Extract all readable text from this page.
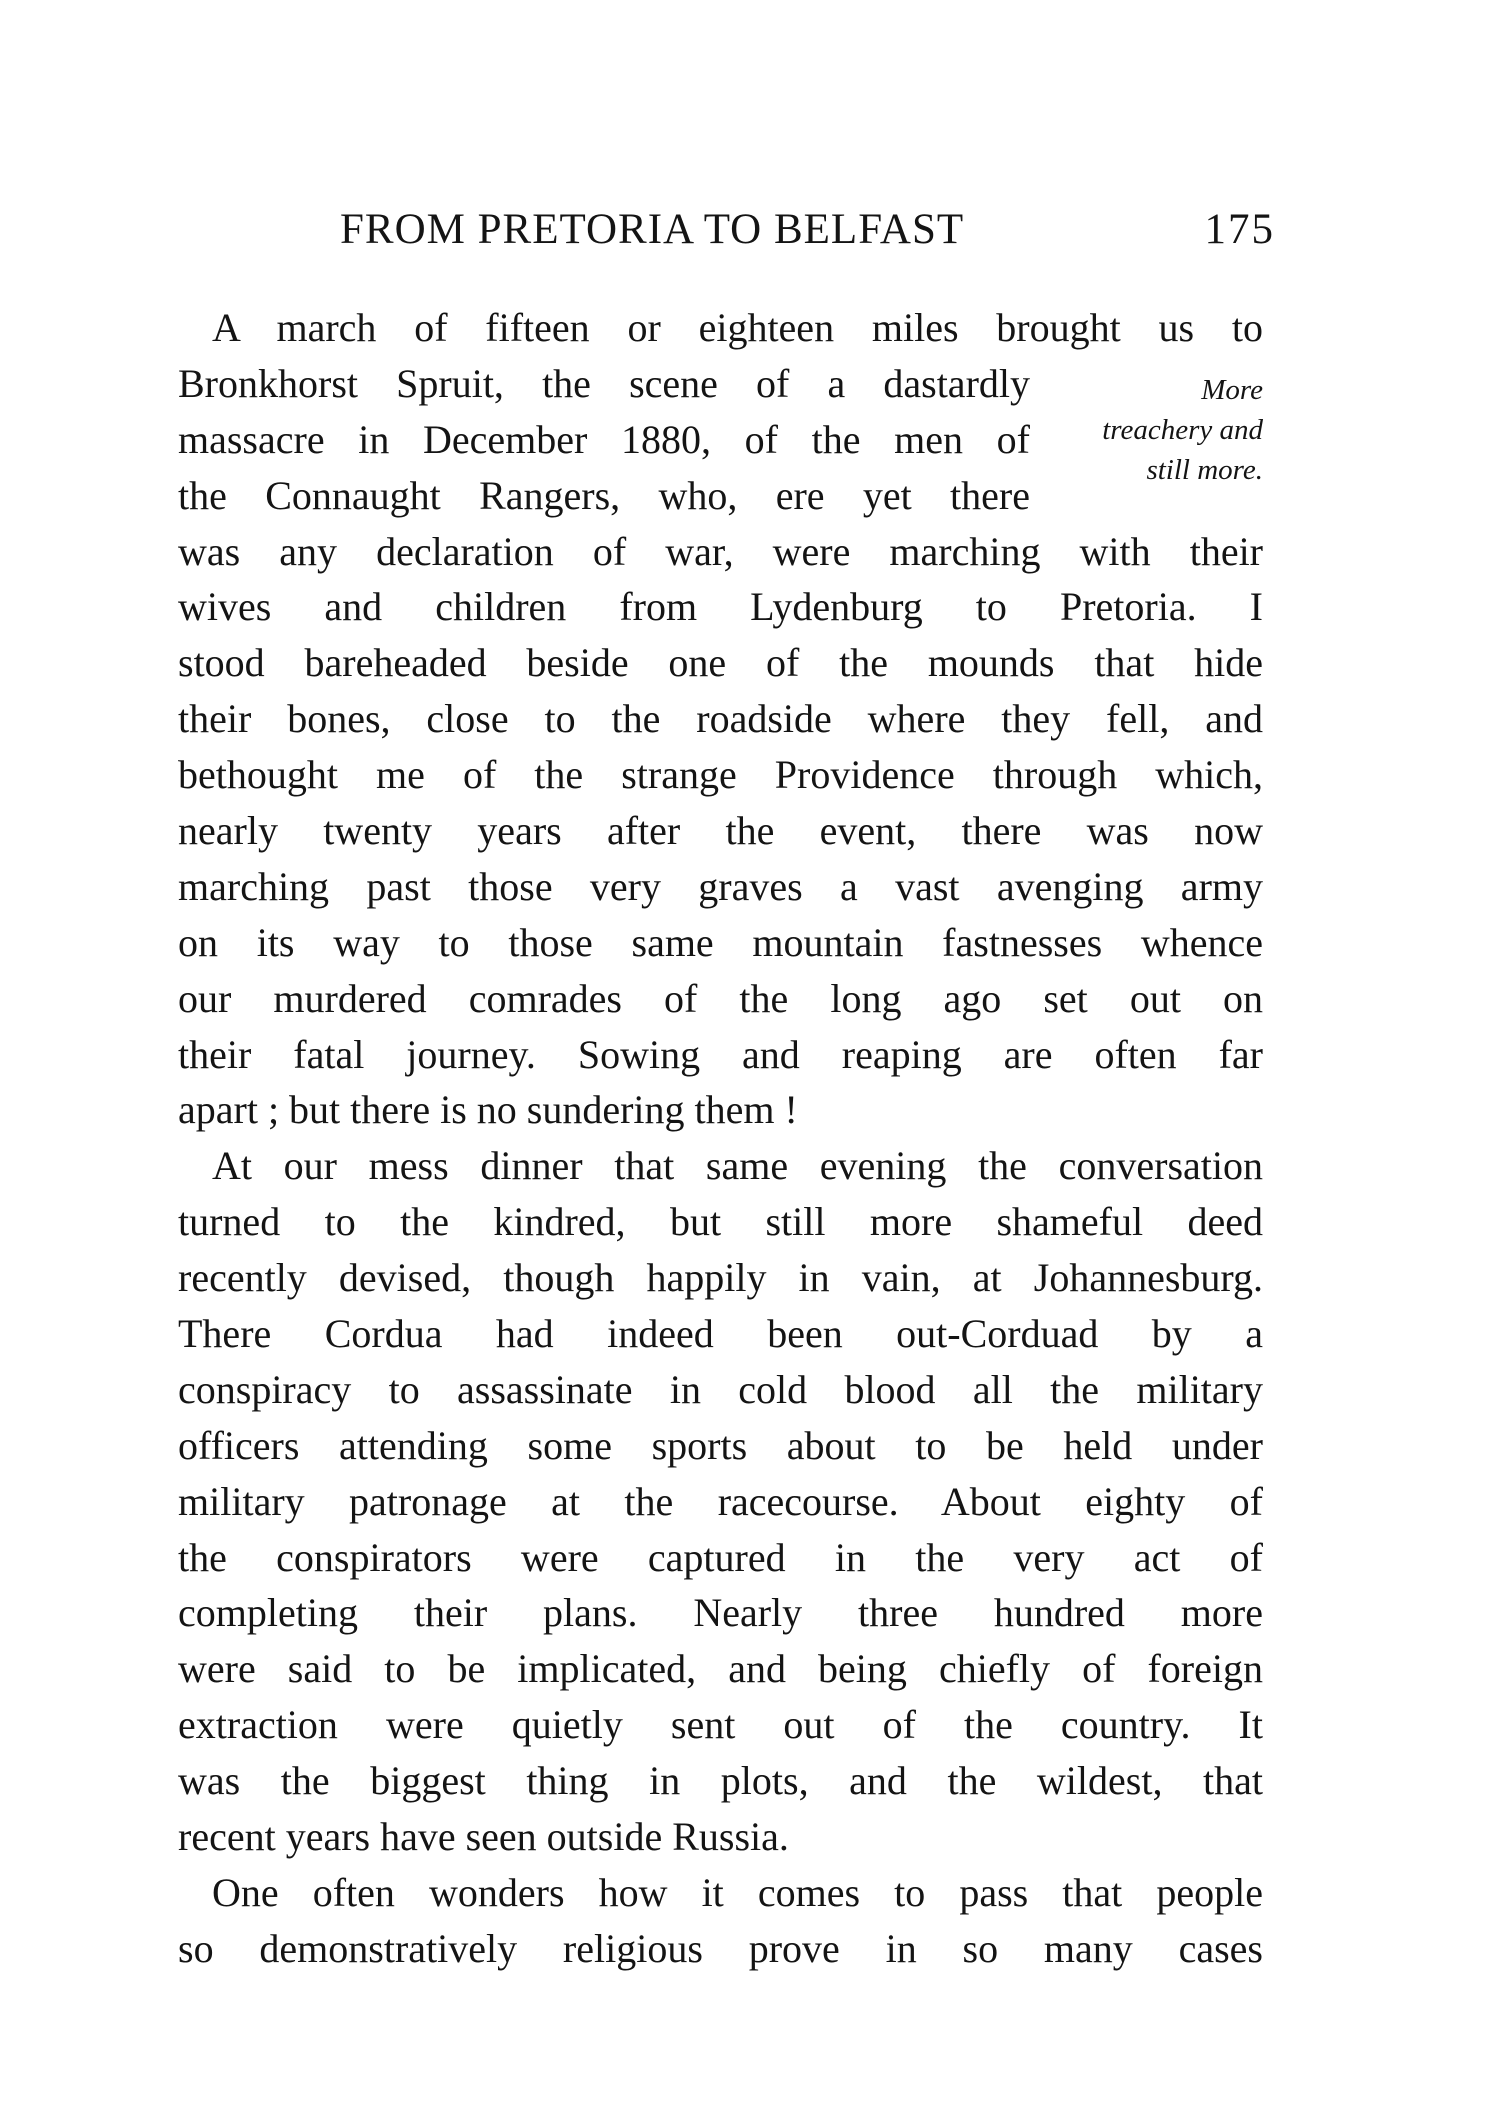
FROM PRETORIA TO BELFAST	175
More
treachery and
still more.
A march of fifteen or eighteen miles brought us to
Bronkhorst Spruit, the scene of a dastardly
massacre in December 1880, of the men of
the Connaught Rangers, who, ere yet there
was any declaration of war, were marching with their
wives and children from Lydenburg to Pretoria. I
stood bareheaded beside one of the mounds that hide
their bones, close to the roadside where they fell, and
bethought me of the strange Providence through which,
nearly twenty years after the event, there was now
marching past those very graves a vast avenging army
on its way to those same mountain fastnesses whence
our murdered comrades of the long ago set out on
their fatal journey. Sowing and reaping are often far
apart ; but there is no sundering them !
At our mess dinner that same evening the conversation
turned to the kindred, but still more shameful deed
recently devised, though happily in vain, at Johannesburg.
There Cordua had indeed been out-Corduad by a
conspiracy to assassinate in cold blood all the military
officers attending some sports about to be held under
military patronage at the racecourse. About eighty of
the conspirators were captured in the very act of
completing their plans. Nearly three hundred more
were said to be implicated, and being chiefly of foreign
extraction were quietly sent out of the country. It
was the biggest thing in plots, and the wildest, that
recent years have seen outside Russia.
One often wonders how it comes to pass that people
so demonstratively religious prove in so many cases
